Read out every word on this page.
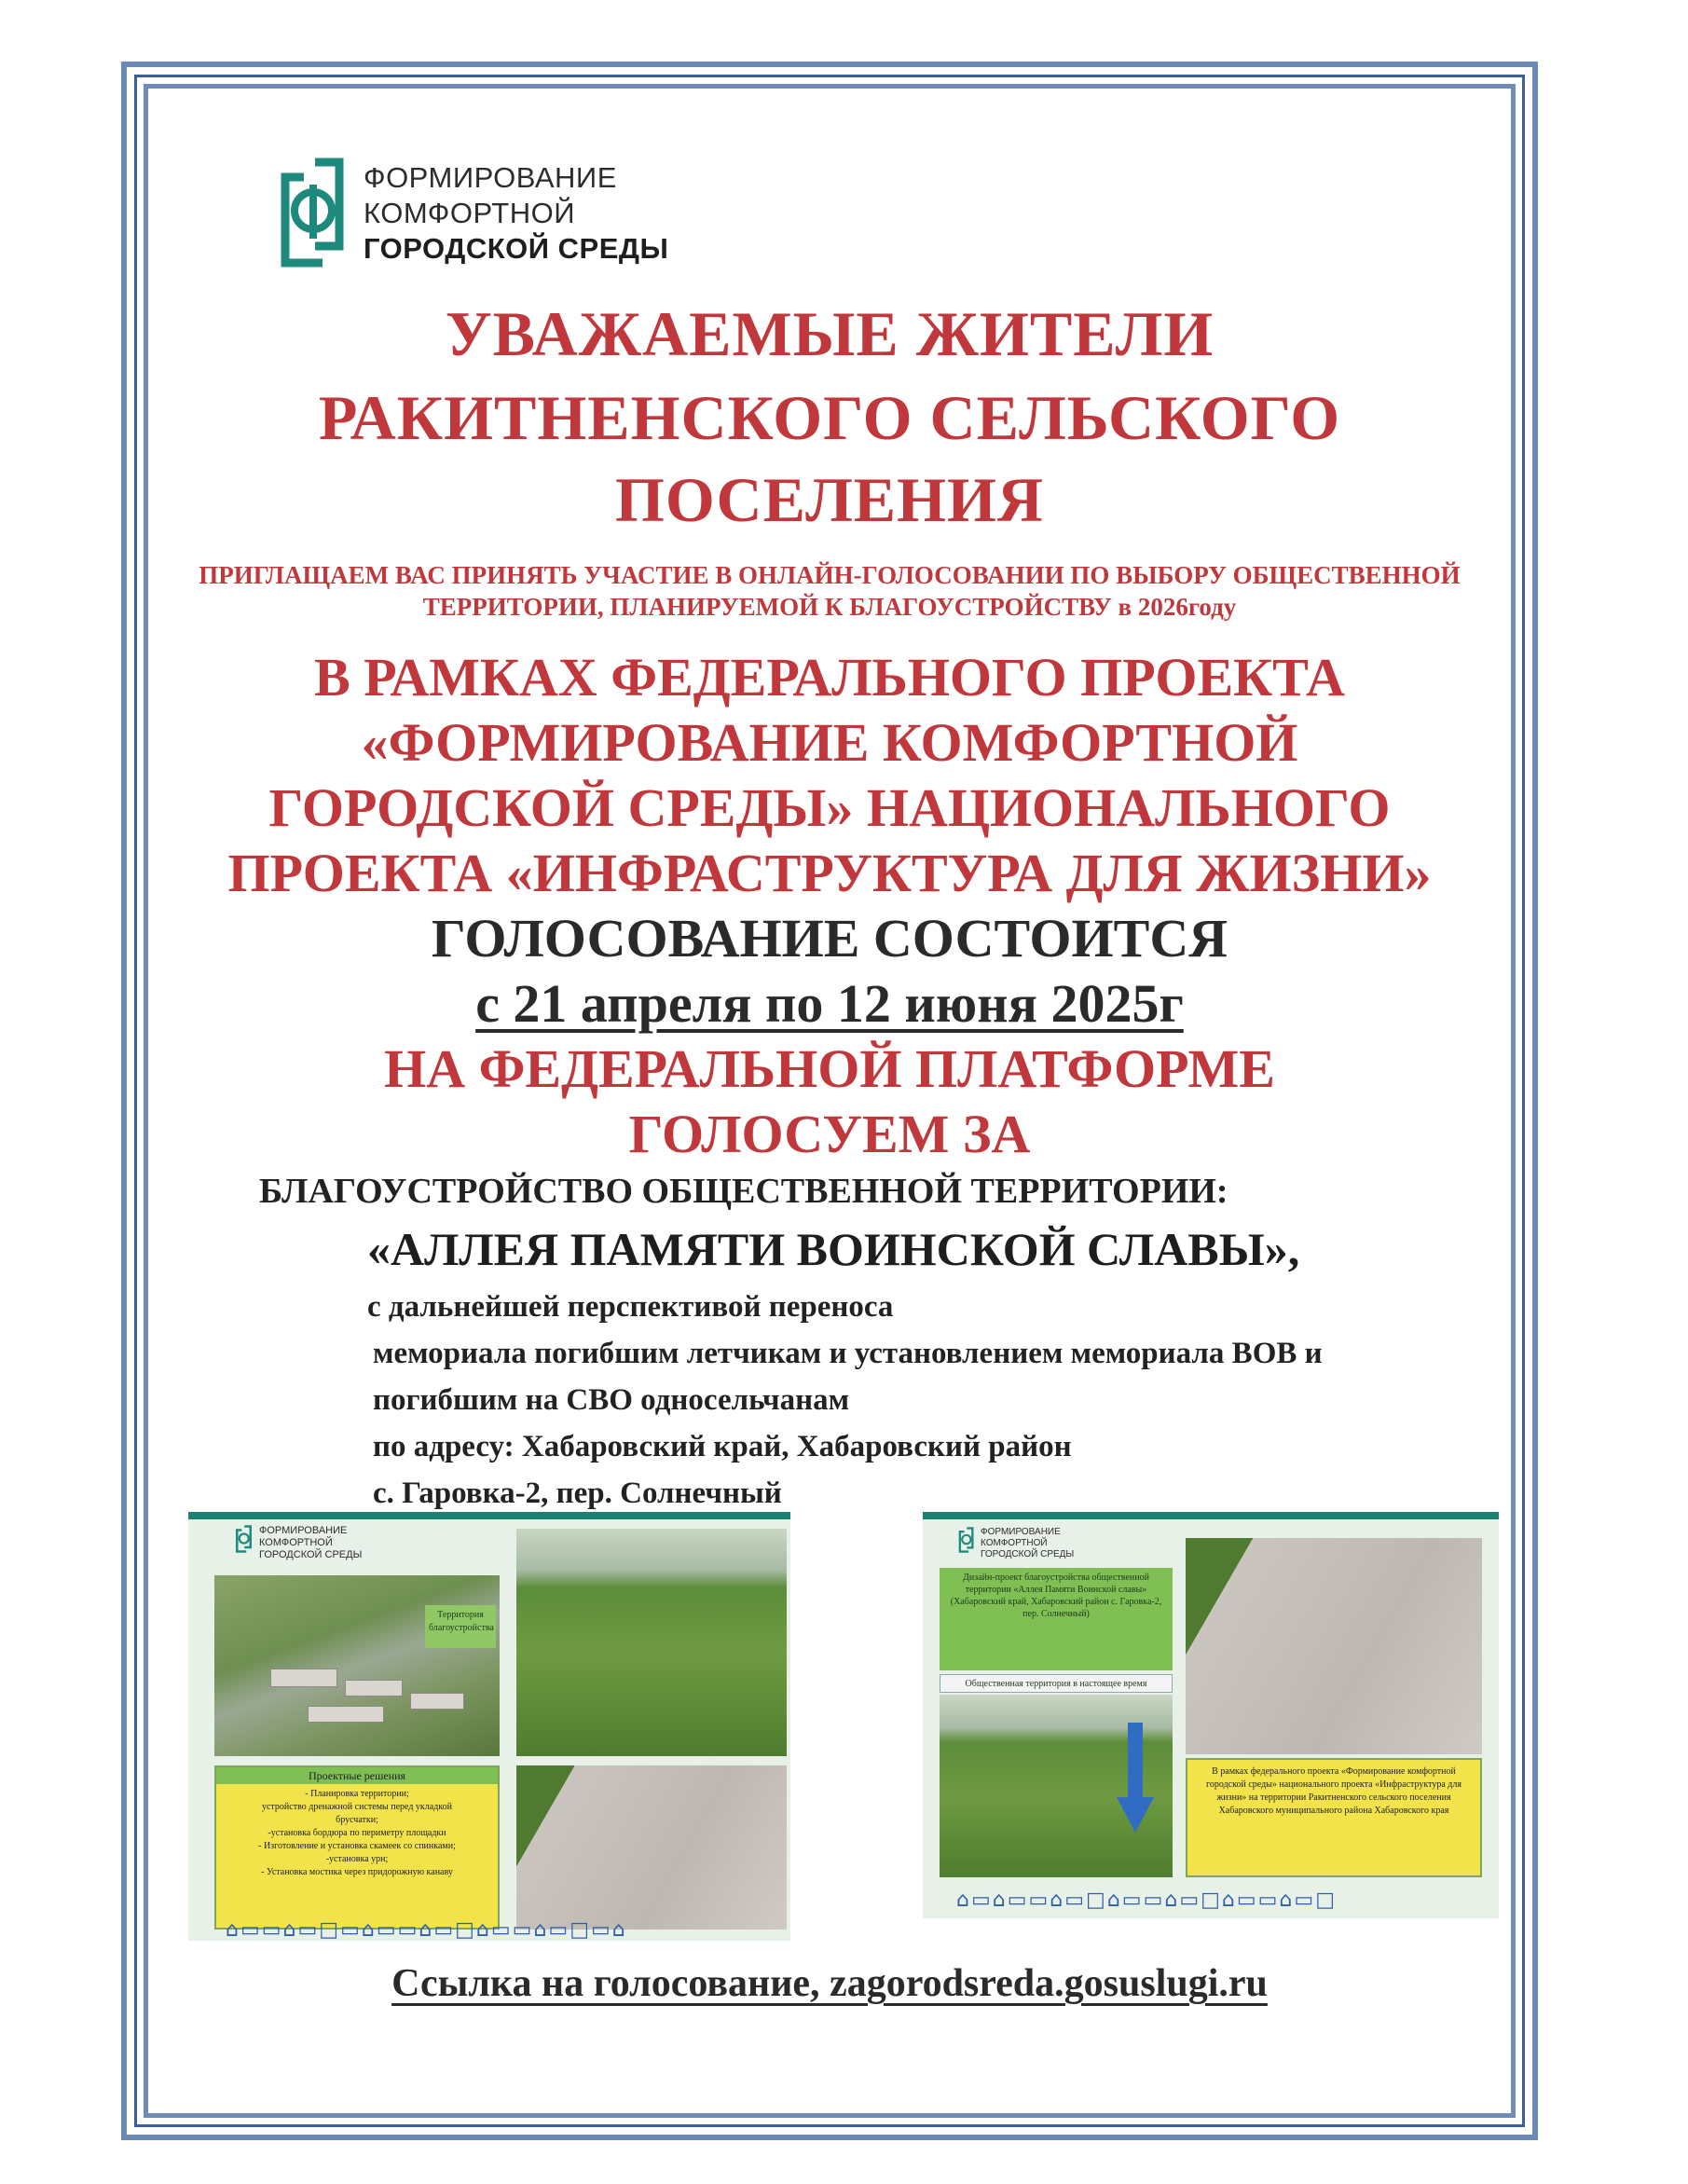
ФОРМИРОВАНИЕ
КОМФОРТНОЙ
ГОРОДСКОЙ СРЕДЫ
УВАЖАЕМЫЕ ЖИТЕЛИ
РАКИТНЕНСКОГО СЕЛЬСКОГО
ПОСЕЛЕНИЯ
ПРИГЛАЩАЕМ ВАС ПРИНЯТЬ УЧАСТИЕ В ОНЛАЙН-ГОЛОСОВАНИИ ПО ВЫБОРУ ОБЩЕСТВЕННОЙ
ТЕРРИТОРИИ, ПЛАНИРУЕМОЙ К БЛАГОУСТРОЙСТВУ в 2026году
В РАМКАХ ФЕДЕРАЛЬНОГО ПРОЕКТА
«ФОРМИРОВАНИЕ КОМФОРТНОЙ
ГОРОДСКОЙ СРЕДЫ» НАЦИОНАЛЬНОГО
ПРОЕКТА «ИНФРАСТРУКТУРА ДЛЯ ЖИЗНИ»
ГОЛОСОВАНИЕ СОСТОИТСЯ
с 21 апреля по 12 июня 2025г
НА ФЕДЕРАЛЬНОЙ ПЛАТФОРМЕ
ГОЛОСУЕМ ЗА
БЛАГОУСТРОЙСТВО ОБЩЕСТВЕННОЙ ТЕРРИТОРИИ:
«АЛЛЕЯ ПАМЯТИ ВОИНСКОЙ СЛАВЫ»,
с дальнейшей перспективой переноса
мемориала погибшим летчикам и установлением мемориала ВОВ и
погибшим на СВО односельчанам
по адресу: Хабаровский край, Хабаровский район
с. Гаровка-2, пер. Солнечный
ФОРМИРОВАНИЕ
КОМФОРТНОЙ
ГОРОДСКОЙ СРЕДЫ
Территория благоустройства
Проектные решения
- Планировка территории;
устройство дренажной системы перед укладкой
брусчатки;
-установка бордюра по периметру площадки
- Изготовление и установка скамеек со спинками;
-установка урн;
- Установка мостика через придорожную канаву
⌂▭▭⌂▭□▭⌂▭▭⌂▭□⌂▭▭⌂▭□▭⌂
ФОРМИРОВАНИЕ
КОМФОРТНОЙ
ГОРОДСКОЙ СРЕДЫ
Дизайн-проект благоустройства общественной территории «Аллея Памяти Воинской славы» (Хабаровский край, Хабаровский район с. Гаровка-2, пер. Солнечный)
Общественная территория в настоящее время
В рамках федерального проекта «Формирование комфортной городской среды» национального проекта «Инфраструктура для жизни» на территории Ракитненского сельского поселения Хабаровского муниципального района Хабаровского края
⌂▭⌂▭▭⌂▭□⌂▭▭⌂▭□⌂▭▭⌂▭□
Ссылка на голосование, zagorodsreda.gosuslugi.ru
